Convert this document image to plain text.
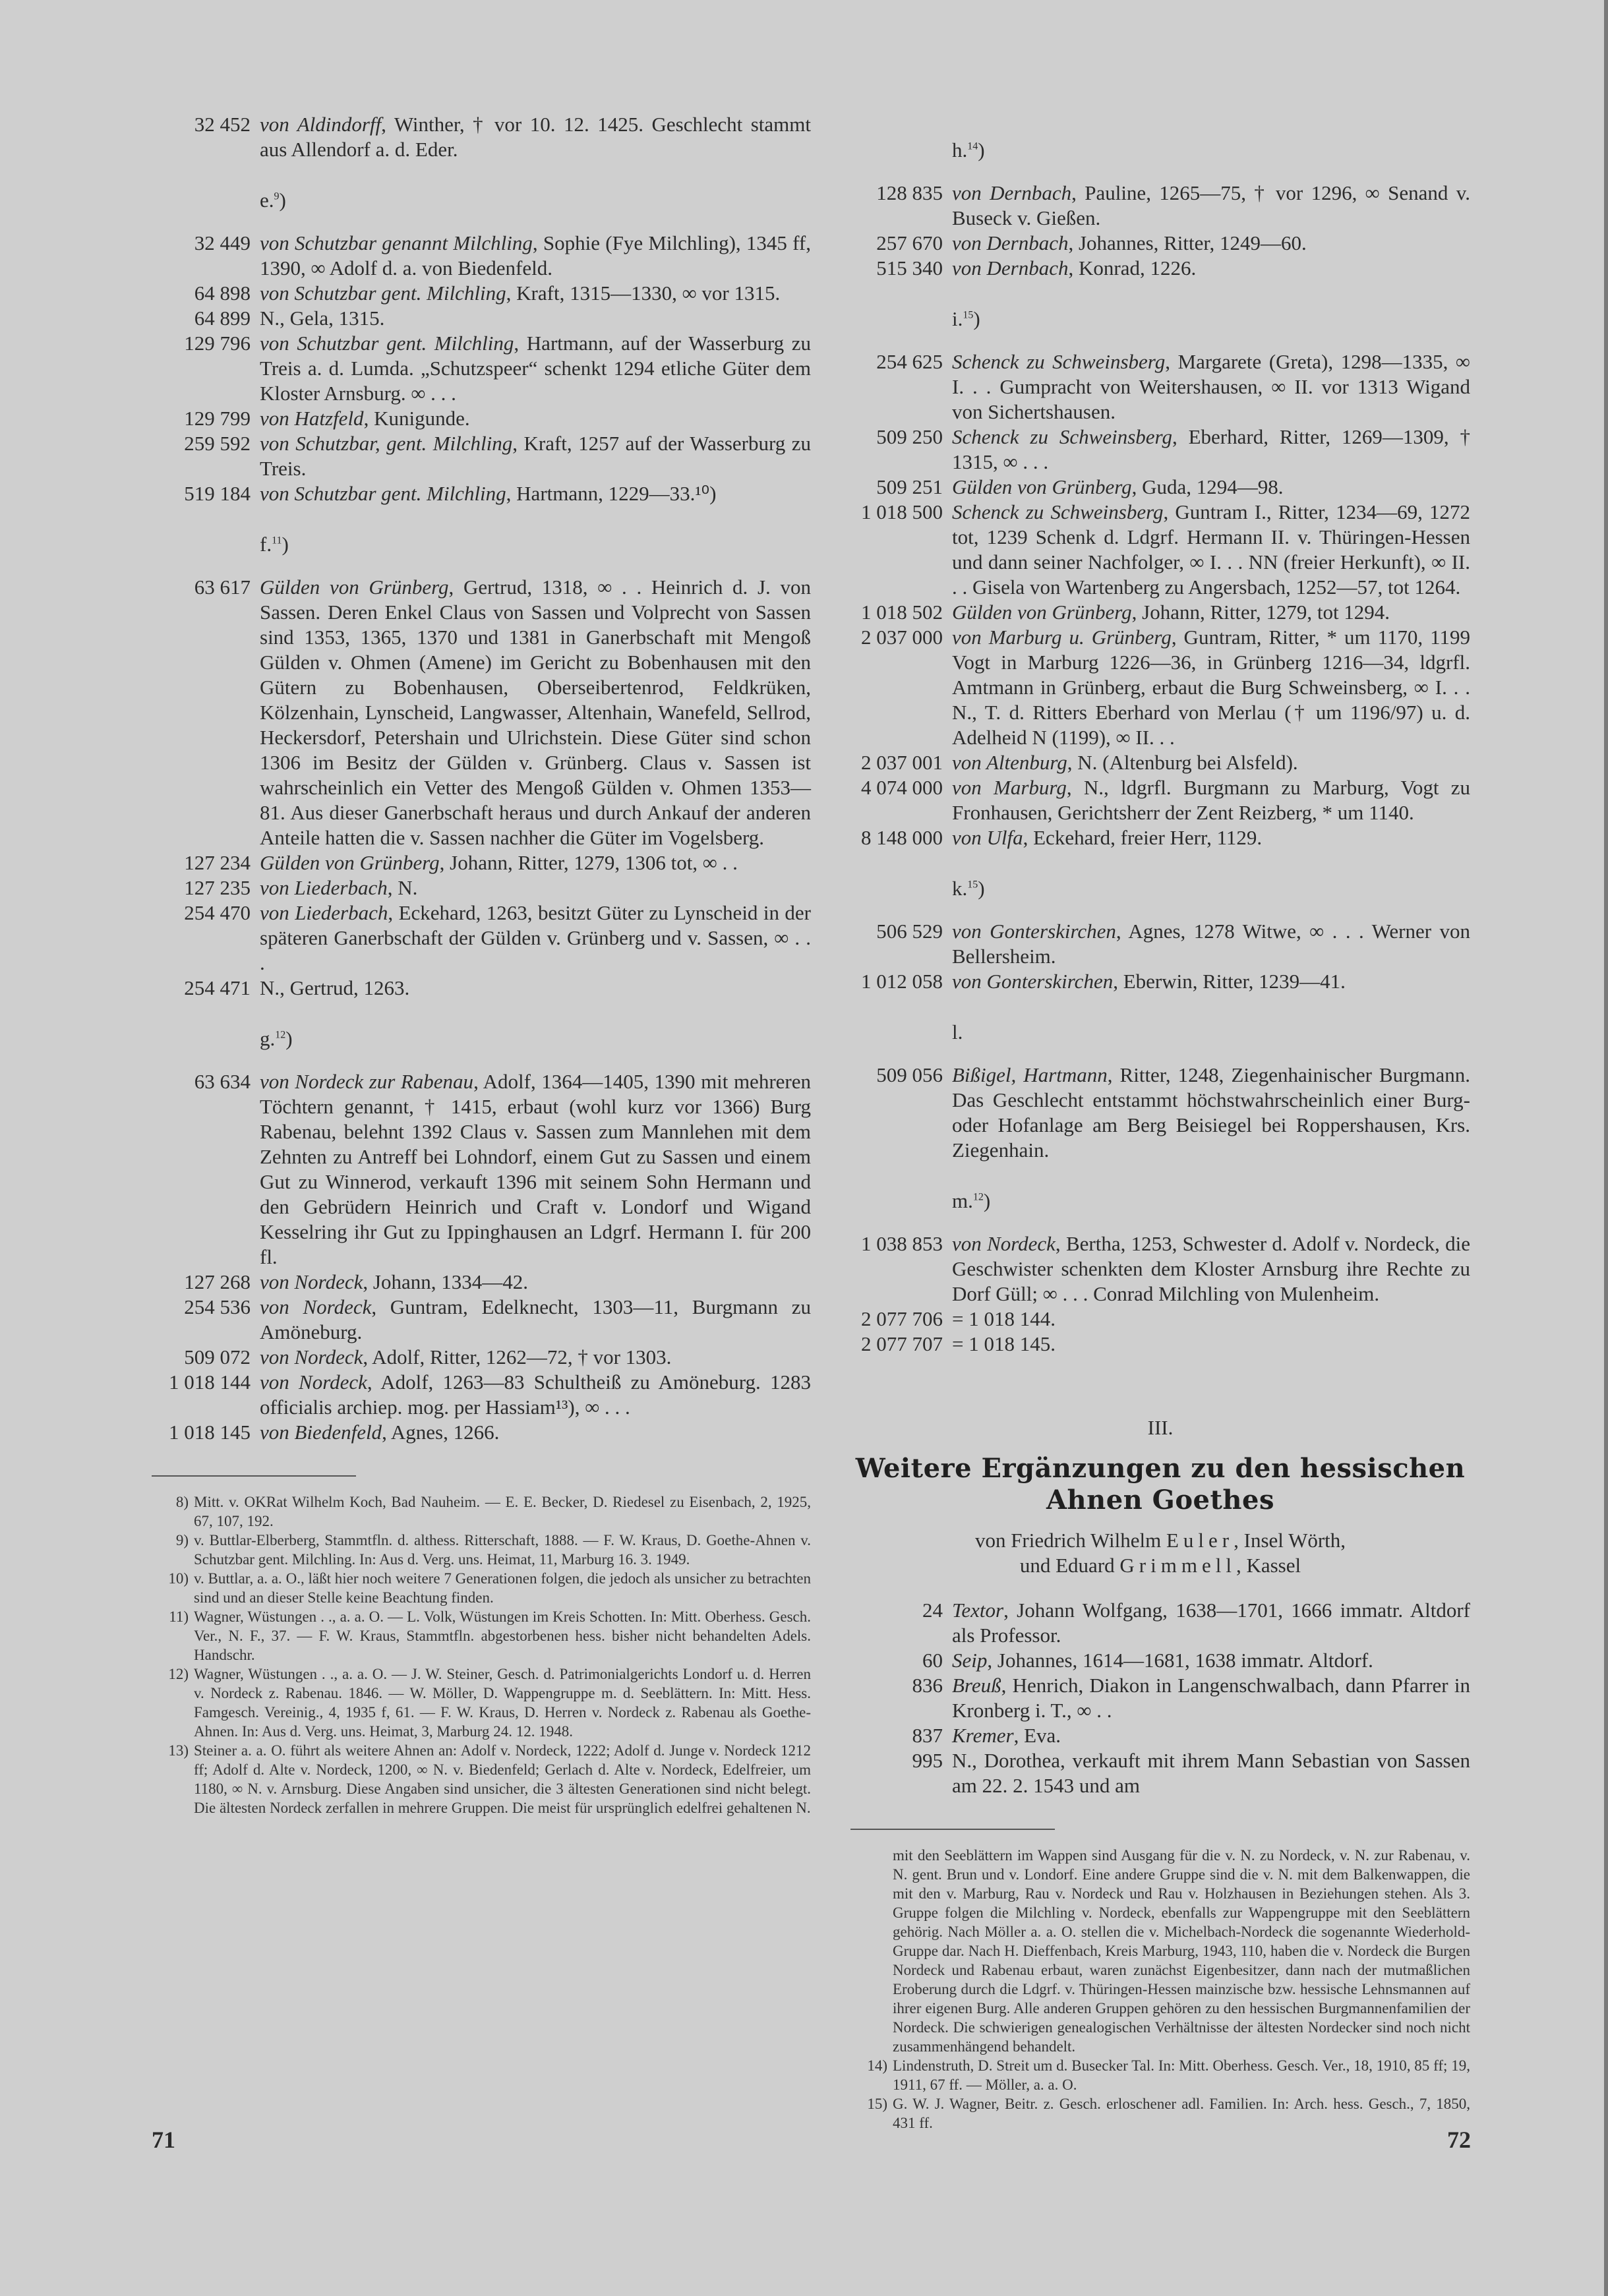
32 452 von Aldindorff, Winther, † vor 10. 12. 1425. Geschlecht stammt aus Allendorf a. d. Eder.
e.$^9$)
32 449 von Schutzbar genannt Milchling, Sophie (Fye Milchling), 1345 ff, 1390, ∞ Adolf d. a. von Biedenfeld.
64 898 von Schutzbar gent. Milchling, Kraft, 1315—1330, ∞ vor 1315.
64 899 N., Gela, 1315.
129 796 von Schutzbar gent. Milchling, Hartmann, auf der Wasserburg zu Treis a. d. Lumda. „Schutzspeer“ schenkt 1294 etliche Güter dem Kloster Arnsburg. ∞ . . .
129 799 von Hatzfeld, Kunigunde.
259 592 von Schutzbar, gent. Milchling, Kraft, 1257 auf der Wasserburg zu Treis.
519 184 von Schutzbar gent. Milchling, Hartmann, 1229—33.¹⁰)
f.$^{11}$)
63 617 Gülden von Grünberg, Gertrud, 1318, ∞ . . Heinrich d. J. von Sassen. Deren Enkel Claus von Sassen und Volprecht von Sassen sind 1353, 1365, 1370 und 1381 in Ganerbschaft mit Mengoß Gülden v. Ohmen (Amene) im Gericht zu Bobenhausen mit den Gütern zu Bobenhausen, Oberseibertenrod, Feldkrüken, Kölzenhain, Lynscheid, Langwasser, Altenhain, Wanefeld, Sellrod, Heckersdorf, Petershain und Ulrichstein. Diese Güter sind schon 1306 im Besitz der Gülden v. Grünberg. Claus v. Sassen ist wahrscheinlich ein Vetter des Mengoß Gülden v. Ohmen 1353—81. Aus dieser Ganerbschaft heraus und durch Ankauf der anderen Anteile hatten die v. Sassen nachher die Güter im Vogelsberg.
127 234 Gülden von Grünberg, Johann, Ritter, 1279, 1306 tot, ∞ . .
127 235 von Liederbach, N.
254 470 von Liederbach, Eckehard, 1263, besitzt Güter zu Lynscheid in der späteren Ganerbschaft der Gülden v. Grünberg und v. Sassen, ∞ . . .
254 471 N., Gertrud, 1263.
g.$^{12}$)
63 634 von Nordeck zur Rabenau, Adolf, 1364—1405, 1390 mit mehreren Töchtern genannt, † 1415, erbaut (wohl kurz vor 1366) Burg Rabenau, belehnt 1392 Claus v. Sassen zum Mannlehen mit dem Zehnten zu Antreff bei Lohndorf, einem Gut zu Sassen und einem Gut zu Winnerod, verkauft 1396 mit seinem Sohn Hermann und den Gebrüdern Heinrich und Craft v. Londorf und Wigand Kesselring ihr Gut zu Ippinghausen an Ldgrf. Hermann I. für 200 fl.
127 268 von Nordeck, Johann, 1334—42.
254 536 von Nordeck, Guntram, Edelknecht, 1303—11, Burgmann zu Amöneburg.
509 072 von Nordeck, Adolf, Ritter, 1262—72, † vor 1303.
1 018 144 von Nordeck, Adolf, 1263—83 Schultheiß zu Amöneburg. 1283 officialis archiep. mog. per Hassiam¹³), ∞ . . .
1 018 145 von Biedenfeld, Agnes, 1266.
8) Mitt. v. OKRat Wilhelm Koch, Bad Nauheim. — E. E. Becker, D. Riedesel zu Eisenbach, 2, 1925, 67, 107, 192.
9) v. Buttlar-Elberberg, Stammtfln. d. althess. Ritterschaft, 1888. — F. W. Kraus, D. Goethe-Ahnen v. Schutzbar gent. Milchling. In: Aus d. Verg. uns. Heimat, 11, Marburg 16. 3. 1949.
10) v. Buttlar, a. a. O., läßt hier noch weitere 7 Generationen folgen, die jedoch als unsicher zu betrachten sind und an dieser Stelle keine Beachtung finden.
11) Wagner, Wüstungen . ., a. a. O. — L. Volk, Wüstungen im Kreis Schotten. In: Mitt. Oberhess. Gesch. Ver., N. F., 37. — F. W. Kraus, Stammtfln. abgestorbenen hess. bisher nicht behandelten Adels. Handschr.
12) Wagner, Wüstungen . ., a. a. O. — J. W. Steiner, Gesch. d. Patrimonialgerichts Londorf u. d. Herren v. Nordeck z. Rabenau. 1846. — W. Möller, D. Wappengruppe m. d. Seeblättern. In: Mitt. Hess. Famgesch. Vereinig., 4, 1935 f, 61. — F. W. Kraus, D. Herren v. Nordeck z. Rabenau als Goethe-Ahnen. In: Aus d. Verg. uns. Heimat, 3, Marburg 24. 12. 1948.
13) Steiner a. a. O. führt als weitere Ahnen an: Adolf v. Nordeck, 1222; Adolf d. Junge v. Nordeck 1212 ff; Adolf d. Alte v. Nordeck, 1200, ∞ N. v. Biedenfeld; Gerlach d. Alte v. Nordeck, Edelfreier, um 1180, ∞ N. v. Arnsburg. Diese Angaben sind unsicher, die 3 ältesten Generationen sind nicht belegt. Die ältesten Nordeck zerfallen in mehrere Gruppen. Die meist für ursprünglich edelfrei gehaltenen N.
71
h.$^{14}$)
128 835 von Dernbach, Pauline, 1265—75, † vor 1296, ∞ Senand v. Buseck v. Gießen.
257 670 von Dernbach, Johannes, Ritter, 1249—60.
515 340 von Dernbach, Konrad, 1226.
i.$^{15}$)
254 625 Schenck zu Schweinsberg, Margarete (Greta), 1298—1335, ∞ I. . . Gumpracht von Weitershausen, ∞ II. vor 1313 Wigand von Sichertshausen.
509 250 Schenck zu Schweinsberg, Eberhard, Ritter, 1269—1309, † 1315, ∞ . . .
509 251 Gülden von Grünberg, Guda, 1294—98.
1 018 500 Schenck zu Schweinsberg, Guntram I., Ritter, 1234—69, 1272 tot, 1239 Schenk d. Ldgrf. Hermann II. v. Thüringen-Hessen und dann seiner Nachfolger, ∞ I. . . NN (freier Herkunft), ∞ II. . . Gisela von Wartenberg zu Angersbach, 1252—57, tot 1264.
1 018 502 Gülden von Grünberg, Johann, Ritter, 1279, tot 1294.
2 037 000 von Marburg u. Grünberg, Guntram, Ritter, * um 1170, 1199 Vogt in Marburg 1226—36, in Grünberg 1216—34, ldgrfl. Amtmann in Grünberg, erbaut die Burg Schweinsberg, ∞ I. . . N., T. d. Ritters Eberhard von Merlau († um 1196/97) u. d. Adelheid N (1199), ∞ II. . .
2 037 001 von Altenburg, N. (Altenburg bei Alsfeld).
4 074 000 von Marburg, N., ldgrfl. Burgmann zu Marburg, Vogt zu Fronhausen, Gerichtsherr der Zent Reizberg, * um 1140.
8 148 000 von Ulfa, Eckehard, freier Herr, 1129.
k.$^{15}$)
506 529 von Gonterskirchen, Agnes, 1278 Witwe, ∞ . . . Werner von Bellersheim.
1 012 058 von Gonterskirchen, Eberwin, Ritter, 1239—41.
l.
509 056 Bißigel, Hartmann, Ritter, 1248, Ziegenhainischer Burgmann. Das Geschlecht entstammt höchstwahrscheinlich einer Burg- oder Hofanlage am Berg Beisiegel bei Roppershausen, Krs. Ziegenhain.
m.$^{12}$)
1 038 853 von Nordeck, Bertha, 1253, Schwester d. Adolf v. Nordeck, die Geschwister schenkten dem Kloster Arnsburg ihre Rechte zu Dorf Güll; ∞ . . . Conrad Milchling von Mulenheim.
2 077 706 = 1 018 144.
2 077 707 = 1 018 145.
III.
Weitere Ergänzungen zu den hessischen
Ahnen Goethes
von Friedrich Wilhelm Euler, Insel Wörth,
und Eduard Grimmell, Kassel
24 Textor, Johann Wolfgang, 1638—1701, 1666 immatr. Altdorf als Professor.
60 Seip, Johannes, 1614—1681, 1638 immatr. Altdorf.
836 Breuß, Henrich, Diakon in Langenschwalbach, dann Pfarrer in Kronberg i. T., ∞ . .
837 Kremer, Eva.
995 N., Dorothea, verkauft mit ihrem Mann Sebastian von Sassen am 22. 2. 1543 und am
mit den Seeblättern im Wappen sind Ausgang für die v. N. zu Nordeck, v. N. zur Rabenau, v. N. gent. Brun und v. Londorf. Eine andere Gruppe sind die v. N. mit dem Balkenwappen, die mit den v. Marburg, Rau v. Nordeck und Rau v. Holzhausen in Beziehungen stehen. Als 3. Gruppe folgen die Milchling v. Nordeck, ebenfalls zur Wappengruppe mit den Seeblättern gehörig. Nach Möller a. a. O. stellen die v. Michelbach-Nordeck die sogenannte Wiederhold-Gruppe dar. Nach H. Dieffenbach, Kreis Marburg, 1943, 110, haben die v. Nordeck die Burgen Nordeck und Rabenau erbaut, waren zunächst Eigenbesitzer, dann nach der mutmaßlichen Eroberung durch die Ldgrf. v. Thüringen-Hessen mainzische bzw. hessische Lehnsmannen auf ihrer eigenen Burg. Alle anderen Gruppen gehören zu den hessischen Burgmannenfamilien der Nordeck. Die schwierigen genealogischen Verhältnisse der ältesten Nordecker sind noch nicht zusammenhängend behandelt.
14) Lindenstruth, D. Streit um d. Busecker Tal. In: Mitt. Oberhess. Gesch. Ver., 18, 1910, 85 ff; 19, 1911, 67 ff. — Möller, a. a. O.
15) G. W. J. Wagner, Beitr. z. Gesch. erloschener adl. Familien. In: Arch. hess. Gesch., 7, 1850, 431 ff.
72
